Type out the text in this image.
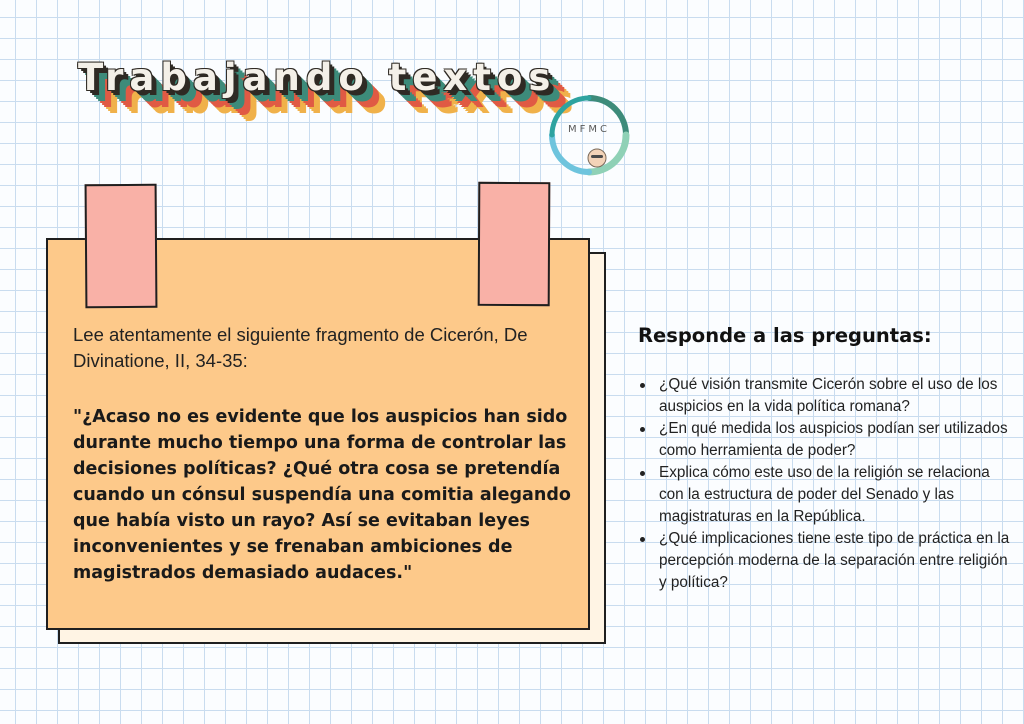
Trabajando textos
MFMC

Lee atentamente el siguiente fragmento de Cicerón, De Divinatione, II, 34-35:

"¿Acaso no es evidente que los auspicios han sido durante mucho tiempo una forma de controlar las decisiones políticas? ¿Qué otra cosa se pretendía cuando un cónsul suspendía una comitia alegando que había visto un rayo? Así se evitaban leyes inconvenientes y se frenaban ambiciones de magistrados demasiado audaces."

Responde a las preguntas:
¿Qué visión transmite Cicerón sobre el uso de los auspicios en la vida política romana?
¿En qué medida los auspicios podían ser utilizados como herramienta de poder?
Explica cómo este uso de la religión se relaciona con la estructura de poder del Senado y las magistraturas en la República.
¿Qué implicaciones tiene este tipo de práctica en la percepción moderna de la separación entre religión y política?
